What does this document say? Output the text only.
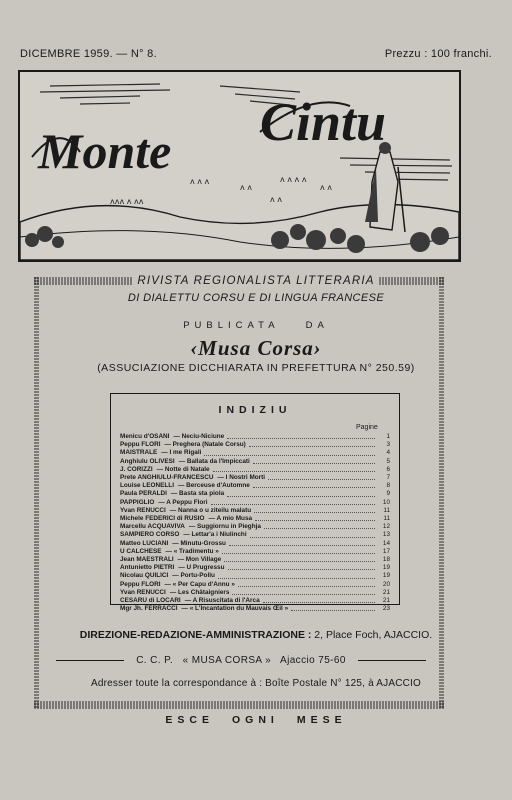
DICEMBRE 1959. — N° 8.	Prezzu : 100 franchi.
ʌ ʌ ʌ
ʌ ʌ
ʌ ʌ ʌ ʌ
ʌ ʌ
ʌʌʌ ʌ ʌʌ	ʌ ʌ
Monte Cintu
RIVISTA REGIONALISTA LITTERARIA
DI DIALETTU CORSU E DI LINGUA FRANCESE
PUBLICATA	DA
‹Musa Corsa›
(ASSUCIAZIONE DICCHIARATA IN PREFETTURA N° 250.59)
INDIZIU
Pagine
Menicu d'OSANI — Neciu-Niciune	1
Peppu FLORI — Preghera (Natale Corsu)	3
MAISTRALE — I me Rigali	4
Anghiulu OLIVESI — Ballata da l'Impiccati	5
J. CORIZZI — Notte di Natale	6
Prete ANGHIULU-FRANCESCU — I Nostri Morti	7
Louise LEONELLI — Berceuse d'Automne	8
Paula PERALDI — Basta sta piola	9
PAPPIGLIO — A Peppu Flori	10
Yvan RENUCCI — Nanna o u ziteilu malatu	11
Michele FEDERICI di RUSIO — A mio Musa	11
Marcellu ACQUAVIVA — Suggiornu in Pieghja	12
SAMPIERO CORSO — Lettar'a i Niulinchi	13
Matteo LUCIANI — Minutu-Grossu	14
U CALCHESE — « Tradimentu »	17
Jean MAESTRALI — Mon Village	18
Antunietto PIETRI — U Prugressu	19
Nicolau QUILICI — Portu-Pollu	19
Peppu FLORI — « Per Capu d'Annu »	20
Yvan RENUCCI — Les Châtaigniers	21
CESARU di LOCARI — A Risuscitata di l'Arca	21
Mgr Jh. FERRACCI — « L'Incantation du Mauvais Œil »	23
DIREZIONE-REDAZIONE-AMMINISTRAZIONE : 2, Place Foch, AJACCIO.
C. C. P.   « MUSA CORSA »   Ajaccio 75-60
Adresser toute la correspondance à : Boîte Postale N° 125, à AJACCIO
ESCE OGNI MESE
